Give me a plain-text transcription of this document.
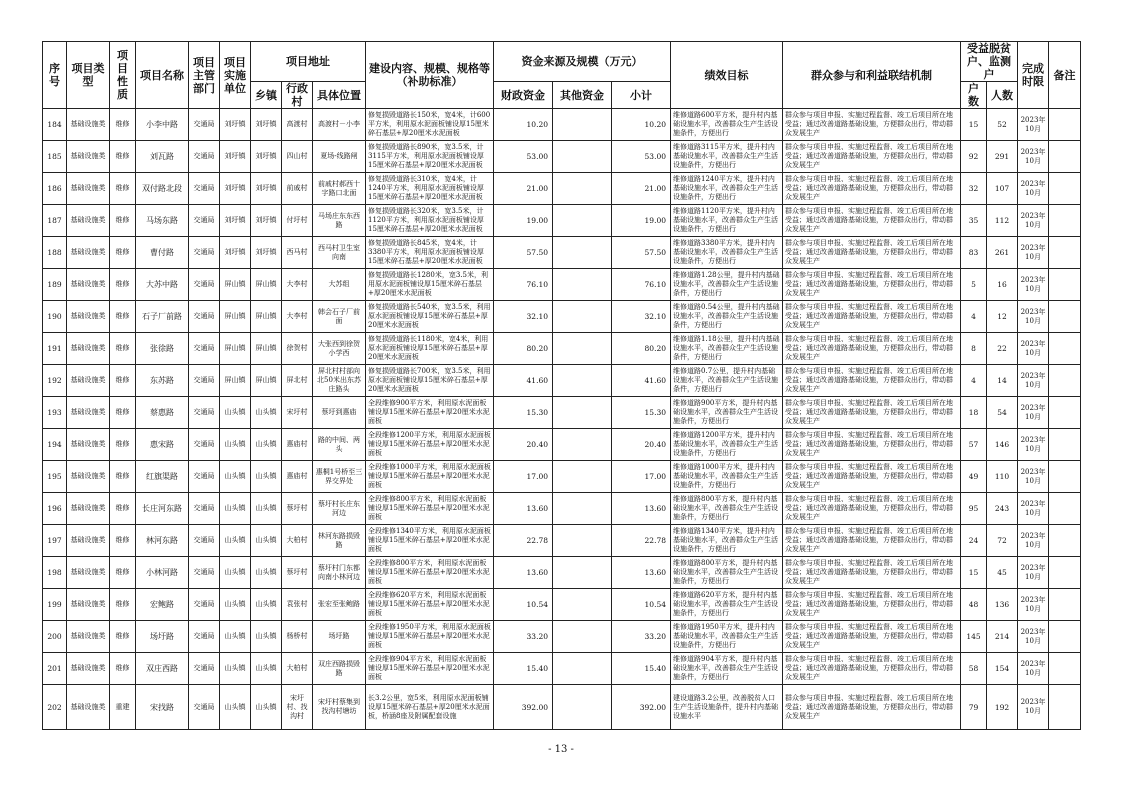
序号	项目类型	项目性质	项目名称	项目主管部门	项目实施单位	项目地址			建设内容、规模、规格等（补助标准）	资金来源及规模（万元）			绩效目标	群众参与和利益联结机制	受益脱贫户、监测户		完成时限	备注
						乡镇	行政村	具体位置		财政资金	其他资金	小计			户数	人数		
184	基础设施类	维修	小李中路	交通局	刘圩镇	刘圩镇	高渡村	高渡村－小李	修复损毁道路长150米，宽4米，计600平方米，利用原水泥面板铺设厚15厘米碎石基层+厚20厘米水泥面板	10.20		10.20	维修道路600平方米，提升村内基础设施水平，改善群众生产生活设施条件，方便出行	群众参与项目申报、实施过程监督、竣工后项目所在地受益；通过改善道路基础设施，方便群众出行，带动群众发展生产	15	52	2023年10月	
185	基础设施类	维修	刘瓦路	交通局	刘圩镇	刘圩镇	四山村	夏场-线路闸	修复损毁道路长890米，宽3.5米，计3115平方米，利用原水泥面板铺设厚15厘米碎石基层+厚20厘米水泥面板	53.00		53.00	维修道路3115平方米，提升村内基础设施水平，改善群众生产生活设施条件，方便出行	群众参与项目申报、实施过程监督、竣工后项目所在地受益；通过改善道路基础设施，方便群众出行，带动群众发展生产	92	291	2023年10月	
186	基础设施类	维修	双付路北段	交通局	刘圩镇	刘圩镇	前戚村	前戚村郝西十字路口北面	修复损毁道路长310米，宽4米，计1240平方米，利用原水泥面板铺设厚15厘米碎石基层+厚20厘米水泥面板	21.00		21.00	维修道路1240平方米，提升村内基础设施水平，改善群众生产生活设施条件，方便出行	群众参与项目申报、实施过程监督、竣工后项目所在地受益；通过改善道路基础设施，方便群众出行，带动群众发展生产	32	107	2023年10月	
187	基础设施类	维修	马场东路	交通局	刘圩镇	刘圩镇	付圩村	马场庄东东西路	修复损毁道路长320米，宽3.5米，计1120平方米，利用原水泥面板铺设厚15厘米碎石基层+厚20厘米水泥面板	19.00		19.00	维修道路1120平方米，提升村内基础设施水平，改善群众生产生活设施条件，方便出行	群众参与项目申报、实施过程监督、竣工后项目所在地受益；通过改善道路基础设施，方便群众出行，带动群众发展生产	35	112	2023年10月	
188	基础设施类	维修	曹付路	交通局	刘圩镇	刘圩镇	西马村	西马村卫生室向南	修复损毁道路长845米，宽4米，计3380平方米，利用原水泥面板铺设厚15厘米碎石基层+厚20厘米水泥面板	57.50		57.50	维修道路3380平方米，提升村内基础设施水平，改善群众生产生活设施条件，方便出行	群众参与项目申报、实施过程监督、竣工后项目所在地受益；通过改善道路基础设施，方便群众出行，带动群众发展生产	83	261	2023年10月	
189	基础设施类	维修	大苏中路	交通局	屏山镇	屏山镇	大李村	大苏组	修复损毁道路长1280米，宽3.5米，利用原水泥面板铺设厚15厘米碎石基层+厚20厘米水泥面板	76.10		76.10	维修道路1.28公里，提升村内基础设施水平，改善群众生产生活设施条件，方便出行	群众参与项目申报、实施过程监督、竣工后项目所在地受益；通过改善道路基础设施，方便群众出行，带动群众发展生产	5	16	2023年10月	
190	基础设施类	维修	石子厂前路	交通局	屏山镇	屏山镇	大李村	韩会石子厂前面	修复损毁道路长540米，宽3.5米，利用原水泥面板铺设厚15厘米碎石基层+厚20厘米水泥面板	32.10		32.10	维修道路0.54公里，提升村内基础设施水平，改善群众生产生活设施条件，方便出行	群众参与项目申报、实施过程监督、竣工后项目所在地受益；通过改善道路基础设施，方便群众出行，带动群众发展生产	4	12	2023年10月	
191	基础设施类	维修	张徐路	交通局	屏山镇	屏山镇	徐贺村	大张西到徐贺小学西	修复损毁道路长1180米，宽4米，利用原水泥面板铺设厚15厘米碎石基层+厚20厘米水泥面板	80.20		80.20	维修道路1.18公里，提升村内基础设施水平，改善群众生产生活设施条件，方便出行	群众参与项目申报、实施过程监督、竣工后项目所在地受益；通过改善道路基础设施，方便群众出行，带动群众发展生产	8	22	2023年10月	
192	基础设施类	维修	东苏路	交通局	屏山镇	屏山镇	屏北村	屏北村村部向北50米出东苏庄路头	修复损毁道路长700米，宽3.5米，利用原水泥面板铺设厚15厘米碎石基层+厚20厘米水泥面板	41.60		41.60	维修道路0.7公里，提升村内基础设施水平，改善群众生产生活设施条件，方便出行	群众参与项目申报、实施过程监督、竣工后项目所在地受益；通过改善道路基础设施，方便群众出行，带动群众发展生产	4	14	2023年10月	
193	基础设施类	维修	蔡惠路	交通局	山头镇	山头镇	宋圩村	蔡圩到惠庙	全段维修900平方米，利用原水泥面板铺设厚15厘米碎石基层+厚20厘米水泥面板	15.30		15.30	维修道路900平方米，提升村内基础设施水平，改善群众生产生活设施条件，方便出行	群众参与项目申报、实施过程监督、竣工后项目所在地受益；通过改善道路基础设施，方便群众出行，带动群众发展生产	18	54	2023年10月	
194	基础设施类	维修	惠宋路	交通局	山头镇	山头镇	惠庙村	路的中间、两头	全段维修1200平方米，利用原水泥面板铺设厚15厘米碎石基层+厚20厘米水泥面板	20.40		20.40	维修道路1200平方米，提升村内基础设施水平，改善群众生产生活设施条件，方便出行	群众参与项目申报、实施过程监督、竣工后项目所在地受益；通过改善道路基础设施，方便群众出行，带动群众发展生产	57	146	2023年10月	
195	基础设施类	维修	红旗渠路	交通局	山头镇	山头镇	惠庙村	惠桐1号桥至三界交界处	全段维修1000平方米，利用原水泥面板铺设厚15厘米碎石基层+厚20厘米水泥面板	17.00		17.00	维修道路1000平方米，提升村内基础设施水平，改善群众生产生活设施条件，方便出行	群众参与项目申报、实施过程监督、竣工后项目所在地受益；通过改善道路基础设施，方便群众出行，带动群众发展生产	49	110	2023年10月	
196	基础设施类	维修	长庄河东路	交通局	山头镇	山头镇	蔡圩村	蔡圩村长庄东河边	全段维修800平方米，利用原水泥面板铺设厚15厘米碎石基层+厚20厘米水泥面板	13.60		13.60	维修道路800平方米，提升村内基础设施水平，改善群众生产生活设施条件，方便出行	群众参与项目申报、实施过程监督、竣工后项目所在地受益；通过改善道路基础设施，方便群众出行，带动群众发展生产	95	243	2023年10月	
197	基础设施类	维修	林河东路	交通局	山头镇	山头镇	大柏村	林河东路损毁路	全段维修1340平方米，利用原水泥面板铺设厚15厘米碎石基层+厚20厘米水泥面板	22.78		22.78	维修道路1340平方米，提升村内基础设施水平，改善群众生产生活设施条件，方便出行	群众参与项目申报、实施过程监督、竣工后项目所在地受益；通过改善道路基础设施，方便群众出行，带动群众发展生产	24	72	2023年10月	
198	基础设施类	维修	小林河路	交通局	山头镇	山头镇	蔡圩村	蔡圩村门东都向南小林河边	全段维修800平方米，利用原水泥面板铺设厚15厘米碎石基层+厚20厘米水泥面板	13.60		13.60	维修道路800平方米，提升村内基础设施水平，改善群众生产生活设施条件，方便出行	群众参与项目申报、实施过程监督、竣工后项目所在地受益；通过改善道路基础设施，方便群众出行，带动群众发展生产	15	45	2023年10月	
199	基础设施类	维修	宏鲍路	交通局	山头镇	山头镇	袁张村	张宏至张鲍路	全段维修620平方米，利用原水泥面板铺设厚15厘米碎石基层+厚20厘米水泥面板	10.54		10.54	维修道路620平方米，提升村内基础设施水平，改善群众生产生活设施条件，方便出行	群众参与项目申报、实施过程监督、竣工后项目所在地受益；通过改善道路基础设施，方便群众出行，带动群众发展生产	48	136	2023年10月	
200	基础设施类	维修	场圩路	交通局	山头镇	山头镇	杨桥村	场圩路	全段维修1950平方米，利用原水泥面板铺设厚15厘米碎石基层+厚20厘米水泥面板	33.20		33.20	维修道路1950平方米，提升村内基础设施水平，改善群众生产生活设施条件，方便出行	群众参与项目申报、实施过程监督、竣工后项目所在地受益；通过改善道路基础设施，方便群众出行，带动群众发展生产	145	214	2023年10月	
201	基础设施类	维修	双庄西路	交通局	山头镇	山头镇	大柏村	双庄西路损毁路	全段维修904平方米，利用原水泥面板铺设厚15厘米碎石基层+厚20厘米水泥面板	15.40		15.40	维修道路904平方米，提升村内基础设施水平，改善群众生产生活设施条件，方便出行	群众参与项目申报、实施过程监督、竣工后项目所在地受益；通过改善道路基础设施，方便群众出行，带动群众发展生产	58	154	2023年10月	
202	基础设施类	重建	宋找路	交通局	山头镇	山头镇	宋圩村、找沟村	宋圩村蔡集到找沟村塘坊	长3.2公里，宽5米，利用原水泥面板铺设厚15厘米碎石基层+厚20厘米水泥面板，桥涵8座及附属配套设施	392.00		392.00	建设道路3.2公里，改善脱贫人口生产生活设施条件，提升村内基础设施水平	群众参与项目申报、实施过程监督、竣工后项目所在地受益；通过改善道路基础设施，方便群众出行，带动群众发展生产	79	192	2023年10月	
- 13 -
